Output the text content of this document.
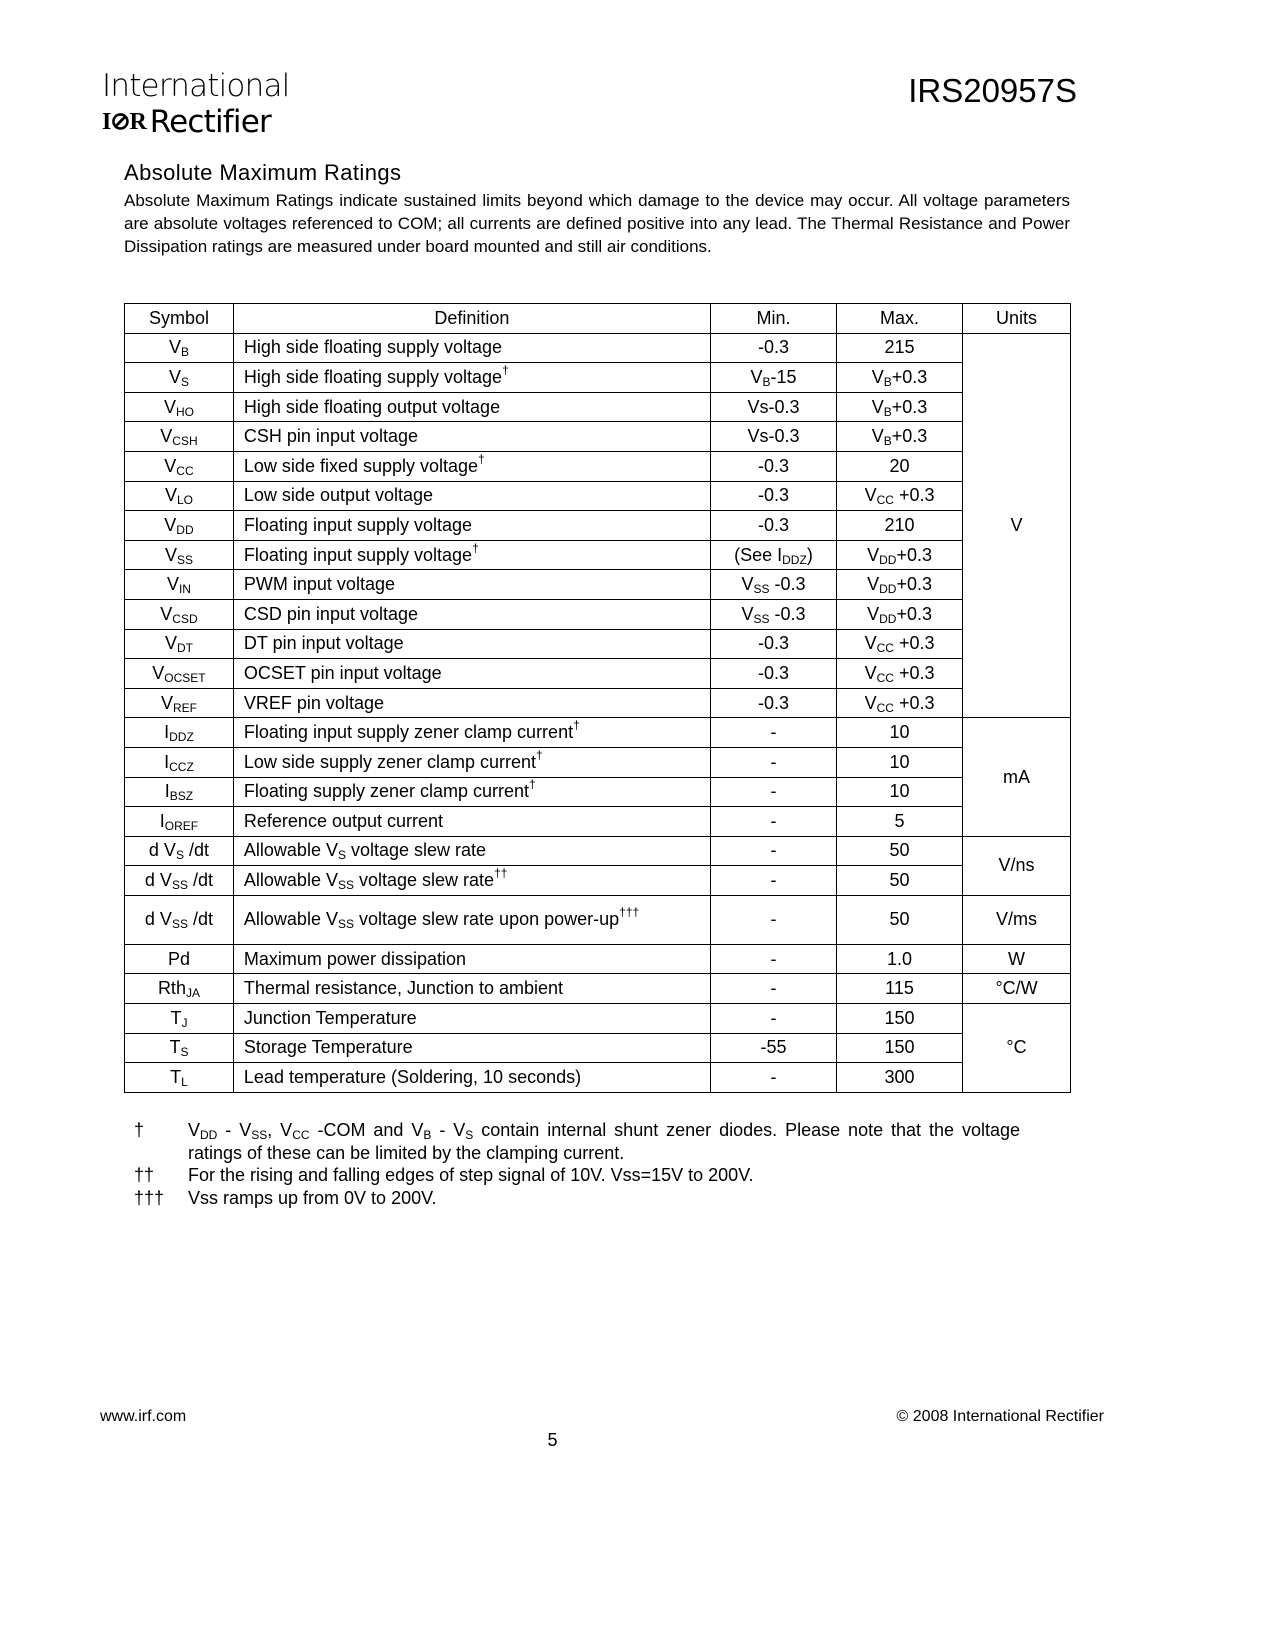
International
I⊘R Rectifier
IRS20957S
Absolute Maximum Ratings
Absolute Maximum Ratings indicate sustained limits beyond which damage to the device may occur. All voltage parameters are absolute voltages referenced to COM; all currents are defined positive into any lead. The Thermal Resistance and Power Dissipation ratings are measured under board mounted and still air conditions.
Symbol	Definition	Min.	Max.	Units
$V_B$	High side floating supply voltage	-0.3	215	V
$V_S$	High side floating supply voltage†	$V_B-15$	$V_B+0.3$	
$V_{HO}$	High side floating output voltage	Vs-0.3	$V_B+0.3$	
$V_{CSH}$	CSH pin input voltage	Vs-0.3	$V_B+0.3$	
$V_{CC}$	Low side fixed supply voltage†	-0.3	20	
$V_{LO}$	Low side output voltage	-0.3	$V_{CC} +0.3$	
$V_{DD}$	Floating input supply voltage	-0.3	210	
$V_{SS}$	Floating input supply voltage†	(See $I_{DDZ}$)	$V_{DD}+0.3$	
$V_{IN}$	PWM input voltage	$V_{SS}$ -0.3	$V_{DD}+0.3$	
$V_{CSD}$	CSD pin input voltage	$V_{SS}$ -0.3	$V_{DD}+0.3$	
$V_{DT}$	DT pin input voltage	-0.3	$V_{CC} +0.3$	
$V_{OCSET}$	OCSET pin input voltage	-0.3	$V_{CC} +0.3$	
$V_{REF}$	VREF pin voltage	-0.3	$V_{CC} +0.3$	
$I_{DDZ}$	Floating input supply zener clamp current†	-	10	mA
$I_{CCZ}$	Low side supply zener clamp current†	-	10	
$I_{BSZ}$	Floating supply zener clamp current†	-	10	
$I_{OREF}$	Reference output current	-	5	
d $V_S$ /dt	Allowable $V_S$ voltage slew rate	-	50	V/ns
d $V_{SS}$ /dt	Allowable $V_{SS}$ voltage slew rate††	-	50	
d $V_{SS}$ /dt	Allowable $V_{SS}$ voltage slew rate upon power-up†††	-	50	V/ms
Pd	Maximum power dissipation	-	1.0	W
Rth$_{JA}$	Thermal resistance, Junction to ambient	-	115	°C/W
$T_J$	Junction Temperature	-	150	°C
$T_S$	Storage Temperature	-55	150	
$T_L$	Lead temperature (Soldering, 10 seconds)	-	300	
†	$V_{DD} - V_{SS}$, $V_{CC}$ -COM and $V_B - V_S$ contain internal shunt zener diodes. Please note that the voltage ratings of these can be limited by the clamping current.
††	For the rising and falling edges of step signal of 10V. Vss=15V to 200V.
†††	Vss ramps up from 0V to 200V.
www.irf.com	© 2008 International Rectifier
5
